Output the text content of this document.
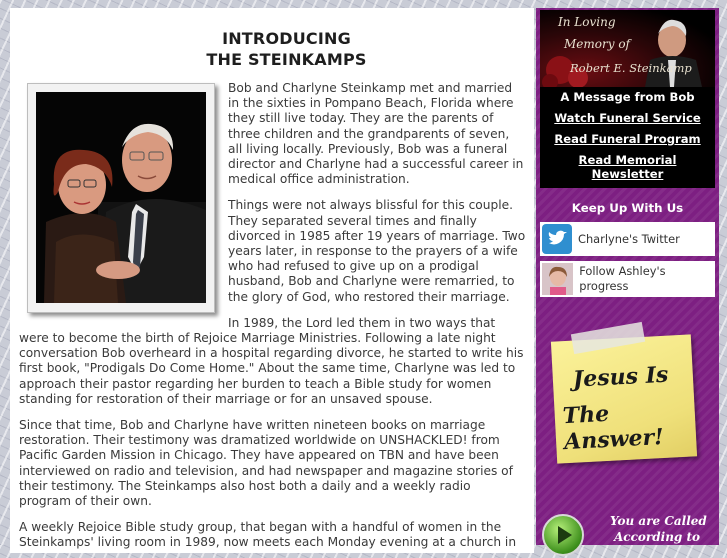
INTRODUCING
THE STEINKAMPS

Bob and Charlyne Steinkamp met and married in the sixties in Pompano Beach, Florida where they still live today. They are the parents of three children and the grandparents of seven, all living locally. Previously, Bob was a funeral director and Charlyne had a successful career in medical office administration.

Things were not always blissful for this couple. They separated several times and finally divorced in 1985 after 19 years of marriage. Two years later, in response to the prayers of a wife who had refused to give up on a prodigal husband, Bob and Charlyne were remarried, to the glory of God, who restored their marriage.

In 1989, the Lord led them in two ways that were to become the birth of Rejoice Marriage Ministries. Following a late night conversation Bob overheard in a hospital regarding divorce, he started to write his first book, "Prodigals Do Come Home." About the same time, Charlyne was led to approach their pastor regarding her burden to teach a Bible study for women standing for restoration of their marriage or for an unsaved spouse.

Since that time, Bob and Charlyne have written nineteen books on marriage restoration. Their testimony was dramatized worldwide on UNSHACKLED! from Pacific Garden Mission in Chicago. They have appeared on TBN and have been interviewed on radio and television, and had newspaper and magazine stories of their testimony. The Steinkamps also host both a daily and a weekly radio program of their own.

A weekly Rejoice Bible study group, that began with a handful of women in the Steinkamps' living room in 1989, now meets each Monday evening at a church in

In Loving
Memory of
Robert E. Steinkamp
A Message from Bob
Watch Funeral Service
Read Funeral Program
Read Memorial Newsletter
Keep Up With Us
Charlyne's Twitter
Follow Ashley's progress
Jesus Is
The Answer!
You are Called
According to
